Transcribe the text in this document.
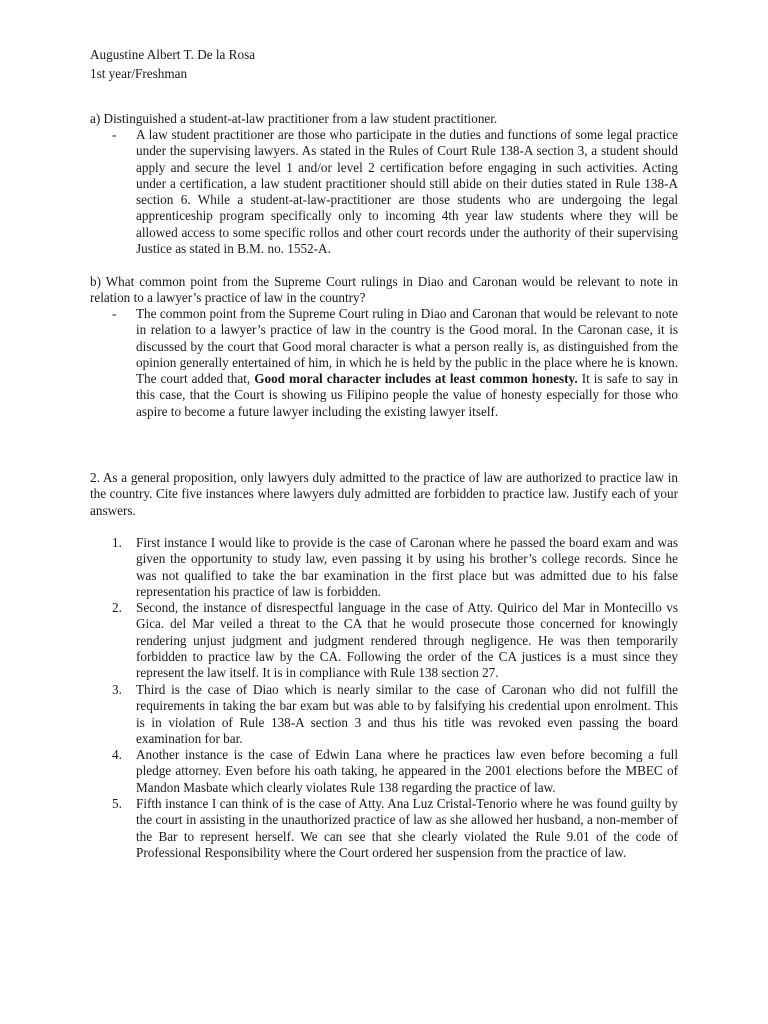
Augustine Albert T. De la Rosa
1st year/Freshman

a) Distinguished a student-at-law practitioner from a law student practitioner.

- A law student practitioner are those who participate in the duties and functions of some legal practice under the supervising lawyers. As stated in the Rules of Court Rule 138-A section 3, a student should apply and secure the level 1 and/or level 2 certification before engaging in such activities. Acting under a certification, a law student practitioner should still abide on their duties stated in Rule 138-A section 6. While a student-at-law-practitioner are those students who are undergoing the legal apprenticeship program specifically only to incoming 4th year law students where they will be allowed access to some specific rollos and other court records under the authority of their supervising Justice as stated in B.M. no. 1552-A.

b) What common point from the Supreme Court rulings in Diao and Caronan would be relevant to note in relation to a lawyer’s practice of law in the country?

- The common point from the Supreme Court ruling in Diao and Caronan that would be relevant to note in relation to a lawyer’s practice of law in the country is the Good moral. In the Caronan case, it is discussed by the court that Good moral character is what a person really is, as distinguished from the opinion generally entertained of him, in which he is held by the public in the place where he is known. The court added that, Good moral character includes at least common honesty. It is safe to say in this case, that the Court is showing us Filipino people the value of honesty especially for those who aspire to become a future lawyer including the existing lawyer itself.

2. As a general proposition, only lawyers duly admitted to the practice of law are authorized to practice law in the country. Cite five instances where lawyers duly admitted are forbidden to practice law. Justify each of your answers.

1.	First instance I would like to provide is the case of Caronan where he passed the board exam and was given the opportunity to study law, even passing it by using his brother’s college records. Since he was not qualified to take the bar examination in the first place but was admitted due to his false representation his practice of law is forbidden.

2.	Second, the instance of disrespectful language in the case of Atty. Quirico del Mar in Montecillo vs Gica. del Mar veiled a threat to the CA that he would prosecute those concerned for knowingly rendering unjust judgment and judgment rendered through negligence. He was then temporarily forbidden to practice law by the CA. Following the order of the CA justices is a must since they represent the law itself. It is in compliance with Rule 138 section 27.

3.	Third is the case of Diao which is nearly similar to the case of Caronan who did not fulfill the requirements in taking the bar exam but was able to by falsifying his credential upon enrolment. This is in violation of Rule 138-A section 3 and thus his title was revoked even passing the board examination for bar.

4.	Another instance is the case of Edwin Lana where he practices law even before becoming a full pledge attorney. Even before his oath taking, he appeared in the 2001 elections before the MBEC of Mandon Masbate which clearly violates Rule 138 regarding the practice of law.

5.	Fifth instance I can think of is the case of Atty. Ana Luz Cristal-Tenorio where he was found guilty by the court in assisting in the unauthorized practice of law as she allowed her husband, a non-member of the Bar to represent herself. We can see that she clearly violated the Rule 9.01 of the code of Professional Responsibility where the Court ordered her suspension from the practice of law.
